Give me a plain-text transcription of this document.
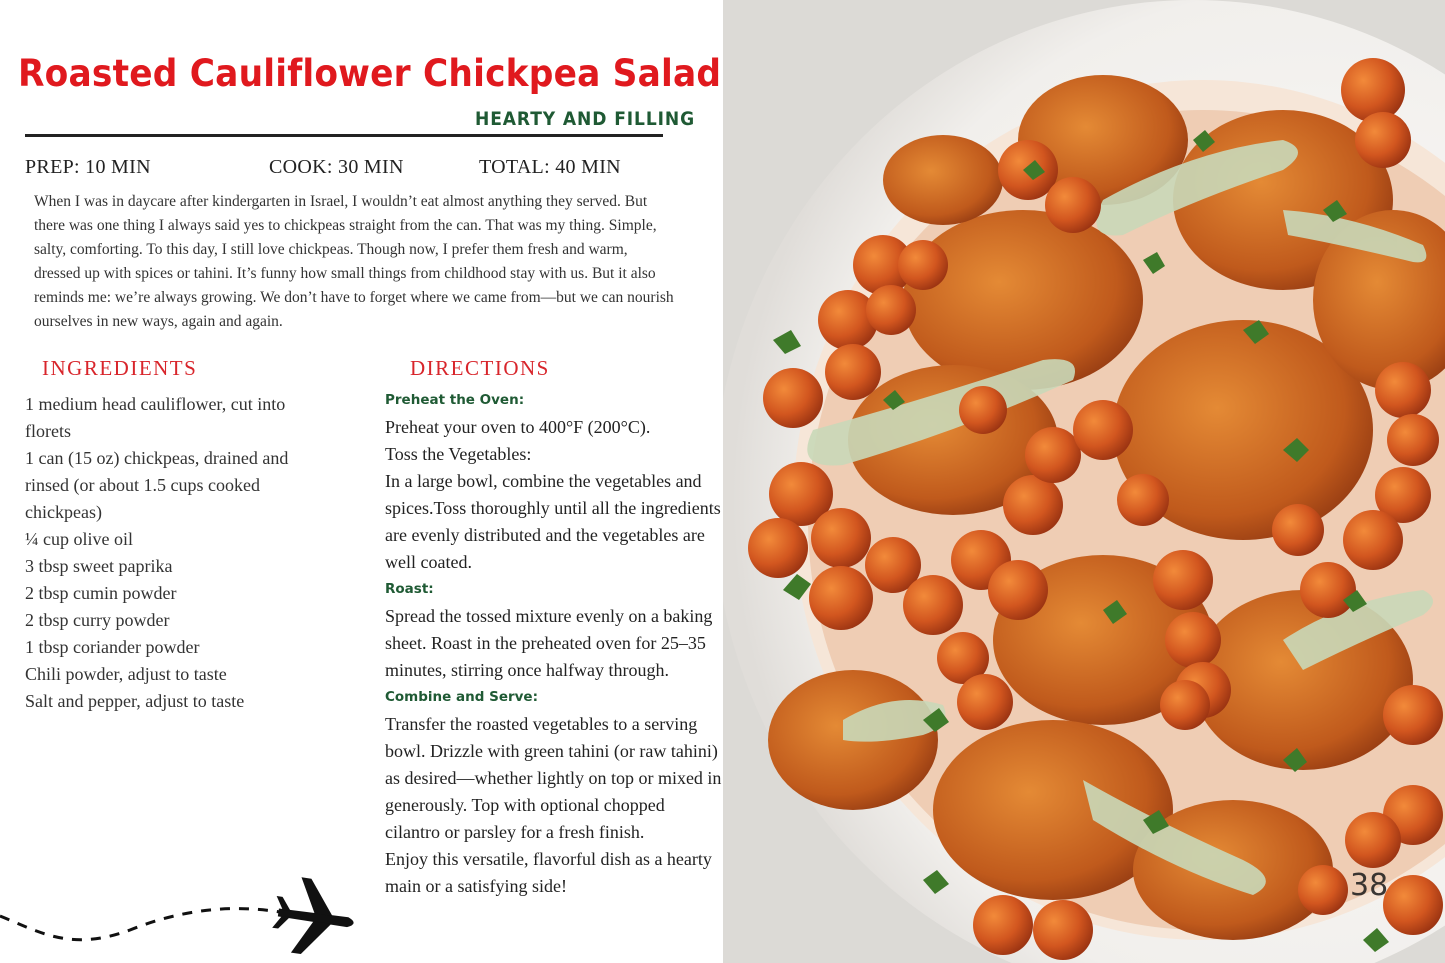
Roasted Cauliflower Chickpea Salad
HEARTY AND FILLING
PREP: 10 MIN	COOK: 30 MIN	TOTAL: 40 MIN

When I was in daycare after kindergarten in Israel, I wouldn’t eat almost anything they served. But there was one thing I always said yes to chickpeas straight from the can. That was my thing. Simple, salty, comforting. To this day, I still love chickpeas. Though now, I prefer them fresh and warm, dressed up with spices or tahini. It’s funny how small things from childhood stay with us. But it also reminds me: we’re always growing. We don’t have to forget where we came from—but we can nourish ourselves in new ways, again and again.

INGREDIENTS	DIRECTIONS
1 medium head cauliflower, cut into florets
1 can (15 oz) chickpeas, drained and rinsed (or about 1.5 cups cooked chickpeas)
¼ cup olive oil
3 tbsp sweet paprika
2 tbsp cumin powder
2 tbsp curry powder
1 tbsp coriander powder
Chili powder, adjust to taste
Salt and pepper, adjust to taste
Preheat the Oven:

Preheat your oven to 400°F (200°C).

Toss the Vegetables:

In a large bowl, combine the vegetables and spices.Toss thoroughly until all the ingredients are evenly distributed and the vegetables are well coated.

Roast:

Spread the tossed mixture evenly on a baking sheet. Roast in the preheated oven for 25–35 minutes, stirring once halfway through.

Combine and Serve:

Transfer the roasted vegetables to a serving bowl. Drizzle with green tahini (or raw tahini) as desired—whether lightly on top or mixed in generously. Top with optional chopped cilantro or parsley for a fresh finish.

Enjoy this versatile, flavorful dish as a hearty main or a satisfying side!	38
